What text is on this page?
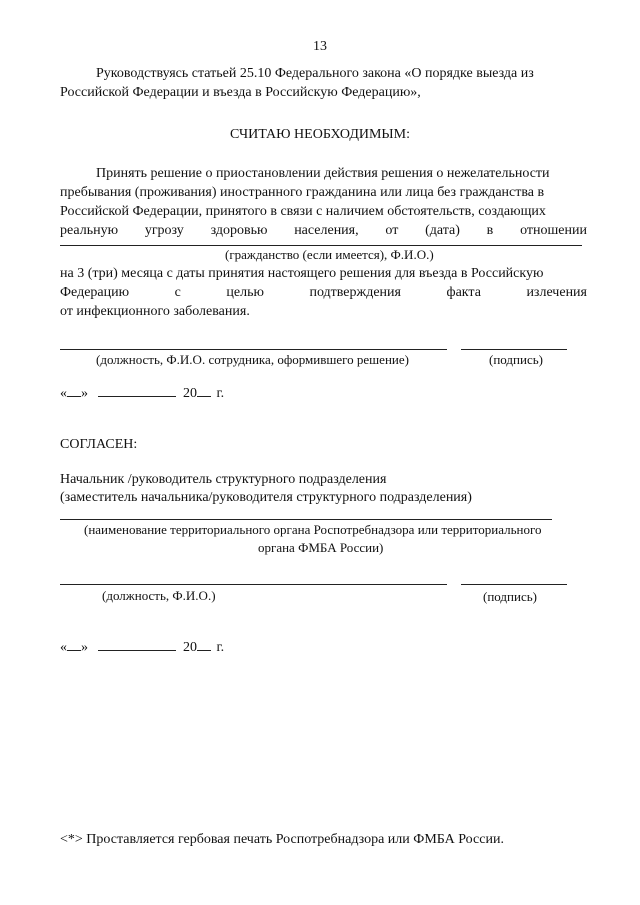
13
Руководствуясь статьей 25.10 Федерального закона «О порядке выезда из
Российской Федерации и въезда в Российскую Федерацию»,
СЧИТАЮ НЕОБХОДИМЫМ:
Принять решение о приостановлении действия решения о нежелательности
пребывания (проживания) иностранного гражданина или лица без гражданства в
Российской Федерации, принятого в связи с наличием обстоятельств, создающих
реальную угрозу здоровью населения, от (дата) в отношении
(гражданство (если имеется), Ф.И.О.)
на 3 (три) месяца с даты принятия настоящего решения для въезда в Российскую
Федерацию	с	целью	подтверждения	факта	излечения
от инфекционного заболевания.
(должность, Ф.И.О. сотрудника, оформившего решение)	(подпись)
« »	20 г.
СОГЛАСЕН:
Начальник /руководитель структурного подразделения
(заместитель начальника/руководителя структурного подразделения)
(наименование территориального органа Роспотребнадзора или территориального
органа ФМБА России)
(должность, Ф.И.О.)	(подпись)
« »	20 г.
<*> Проставляется гербовая печать Роспотребнадзора или ФМБА России.
